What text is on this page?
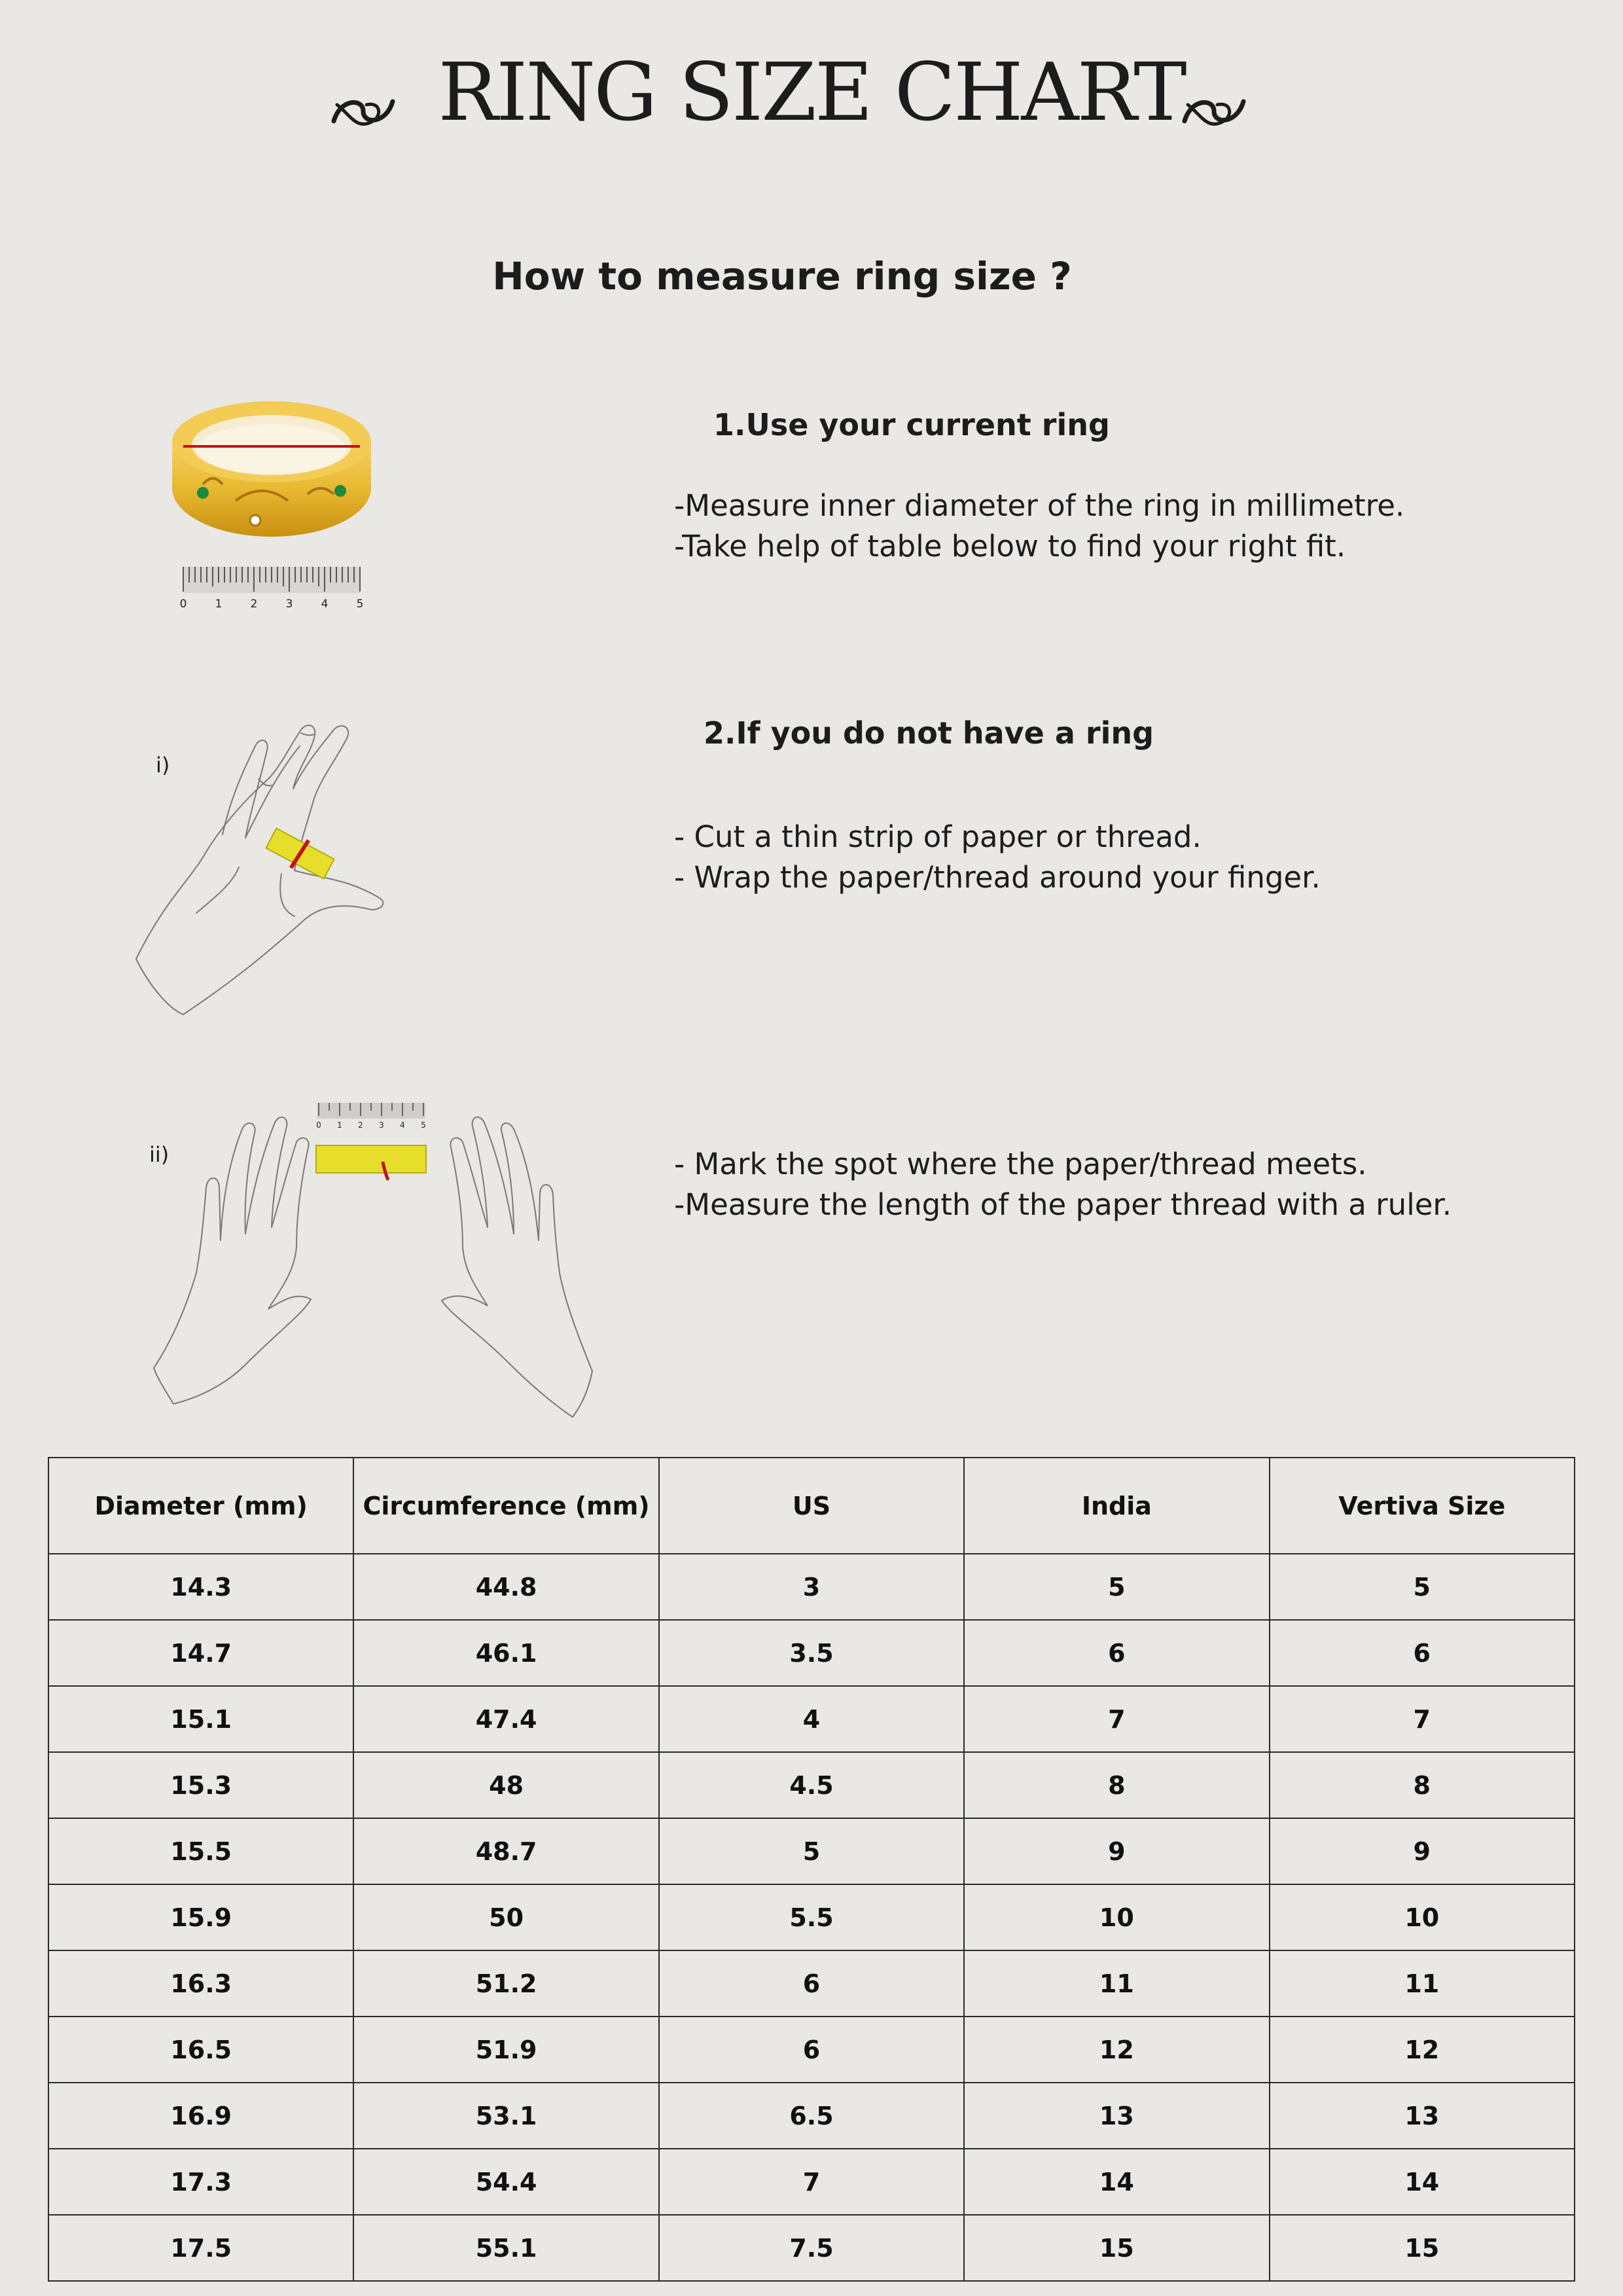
RING SIZE CHART
How to measure ring size ?
0	1	2	3	4	5
1.Use your current ring
-Measure inner diameter of the ring in millimetre.
-Take help of table below to find your right fit.
i)
2.If you do not have a ring
- Cut a thin strip of paper or thread.
- Wrap the paper/thread around your finger.
ii)
0 1 2 3 4 5
- Mark the spot where the paper/thread meets.
-Measure the length of the paper thread with a ruler.
Diameter (mm)	Circumference (mm)	US	India	Vertiva Size
14.3	44.8	3	5	5
14.7	46.1	3.5	6	6
15.1	47.4	4	7	7
15.3	48	4.5	8	8
15.5	48.7	5	9	9
15.9	50	5.5	10	10
16.3	51.2	6	11	11
16.5	51.9	6	12	12
16.9	53.1	6.5	13	13
17.3	54.4	7	14	14
17.5	55.1	7.5	15	15
